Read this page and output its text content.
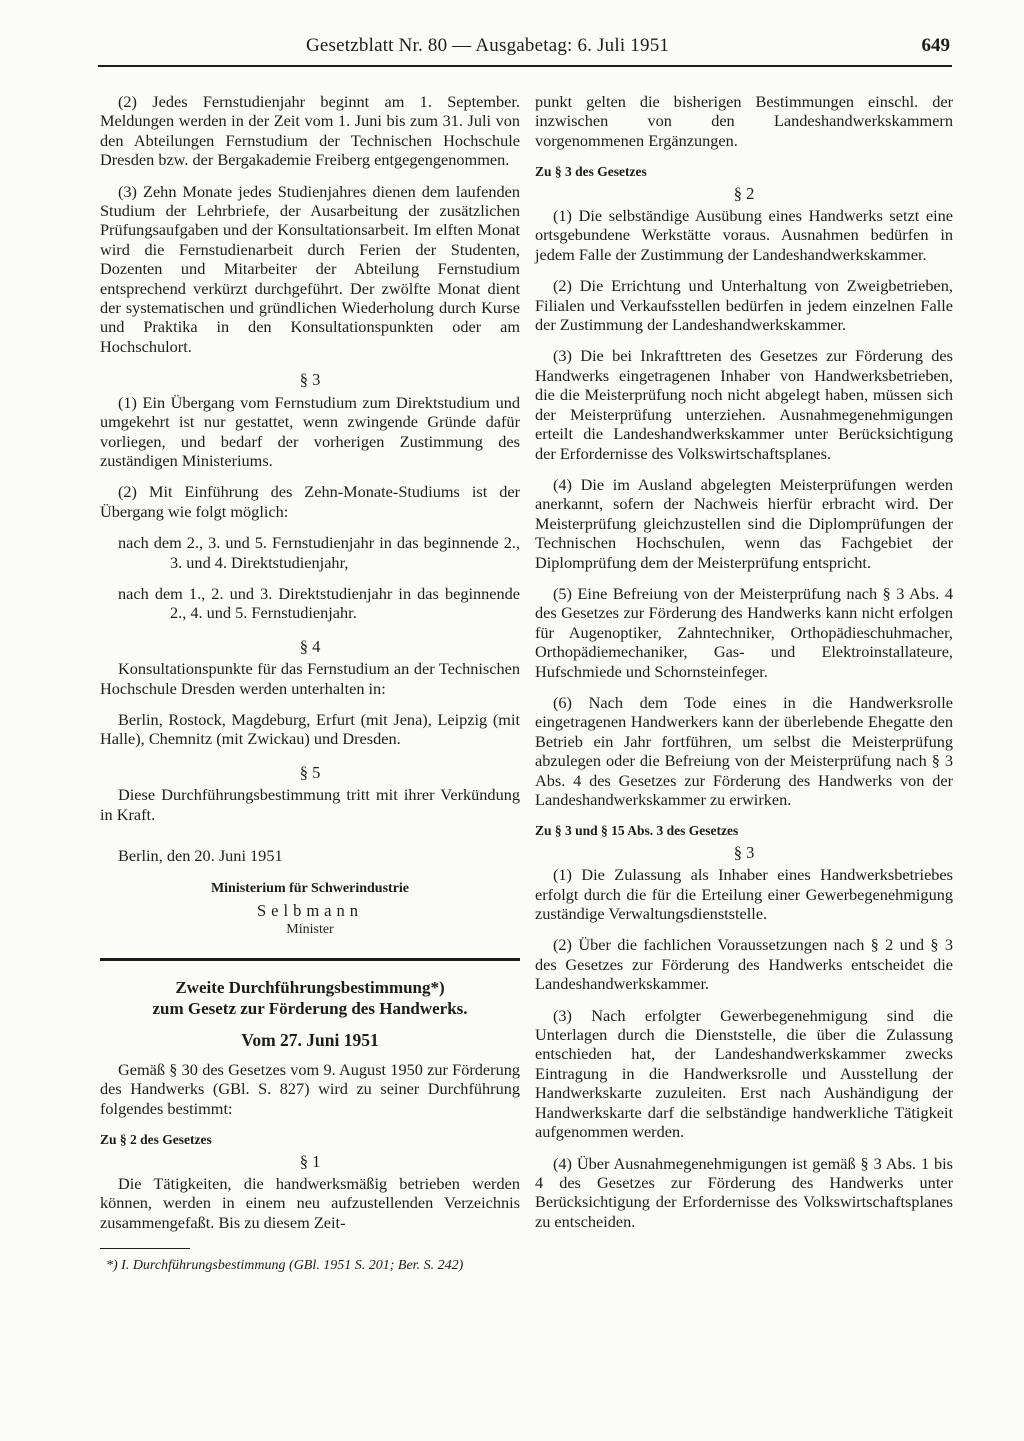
Gesetzblatt Nr. 80 — Ausgabetag: 6. Juli 1951	649

(2) Jedes Fernstudienjahr beginnt am 1. September. Meldungen werden in der Zeit vom 1. Juni bis zum 31. Juli von den Abteilungen Fernstudium der Technischen Hochschule Dresden bzw. der Bergakademie Freiberg entgegengenommen.

(3) Zehn Monate jedes Studienjahres dienen dem laufenden Studium der Lehrbriefe, der Ausarbeitung der zusätzlichen Prüfungsaufgaben und der Konsultationsarbeit. Im elften Monat wird die Fernstudienarbeit durch Ferien der Studenten, Dozenten und Mitarbeiter der Abteilung Fernstudium entsprechend verkürzt durchgeführt. Der zwölfte Monat dient der systematischen und gründlichen Wiederholung durch Kurse und Praktika in den Konsultationspunkten oder am Hochschulort.

§ 3

(1) Ein Übergang vom Fernstudium zum Direktstudium und umgekehrt ist nur gestattet, wenn zwingende Gründe dafür vorliegen, und bedarf der vorherigen Zustimmung des zuständigen Ministeriums.

(2) Mit Einführung des Zehn-Monate-Studiums ist der Übergang wie folgt möglich:

nach dem 2., 3. und 5. Fernstudienjahr in das beginnende 2., 3. und 4. Direktstudienjahr,

nach dem 1., 2. und 3. Direktstudienjahr in das beginnende 2., 4. und 5. Fernstudienjahr.

§ 4

Konsultationspunkte für das Fernstudium an der Technischen Hochschule Dresden werden unterhalten in:

Berlin, Rostock, Magdeburg, Erfurt (mit Jena), Leipzig (mit Halle), Chemnitz (mit Zwickau) und Dresden.

§ 5

Diese Durchführungsbestimmung tritt mit ihrer Verkündung in Kraft.

Berlin, den 20. Juni 1951
Ministerium für Schwerindustrie
Selbmann
Minister
Zweite Durchführungsbestimmung*)
zum Gesetz zur Förderung des Handwerks.
Vom 27. Juni 1951

Gemäß § 30 des Gesetzes vom 9. August 1950 zur Förderung des Handwerks (GBl. S. 827) wird zu seiner Durchführung folgendes bestimmt:

Zu § 2 des Gesetzes
§ 1

Die Tätigkeiten, die handwerksmäßig betrieben werden können, werden in einem neu aufzustellenden Verzeichnis zusammengefaßt. Bis zu diesem Zeit-

*) I. Durchführungsbestimmung (GBl. 1951 S. 201; Ber. S. 242)

punkt gelten die bisherigen Bestimmungen einschl. der inzwischen von den Landeshandwerkskammern vorgenommenen Ergänzungen.

Zu § 3 des Gesetzes
§ 2

(1) Die selbständige Ausübung eines Handwerks setzt eine ortsgebundene Werkstätte voraus. Ausnahmen bedürfen in jedem Falle der Zustimmung der Landeshandwerkskammer.

(2) Die Errichtung und Unterhaltung von Zweigbetrieben, Filialen und Verkaufsstellen bedürfen in jedem einzelnen Falle der Zustimmung der Landeshandwerkskammer.

(3) Die bei Inkrafttreten des Gesetzes zur Förderung des Handwerks eingetragenen Inhaber von Handwerksbetrieben, die die Meisterprüfung noch nicht abgelegt haben, müssen sich der Meisterprüfung unterziehen. Ausnahmegenehmigungen erteilt die Landeshandwerkskammer unter Berücksichtigung der Erfordernisse des Volkswirtschaftsplanes.

(4) Die im Ausland abgelegten Meisterprüfungen werden anerkannt, sofern der Nachweis hierfür erbracht wird. Der Meisterprüfung gleichzustellen sind die Diplomprüfungen der Technischen Hochschulen, wenn das Fachgebiet der Diplomprüfung dem der Meisterprüfung entspricht.

(5) Eine Befreiung von der Meisterprüfung nach § 3 Abs. 4 des Gesetzes zur Förderung des Handwerks kann nicht erfolgen für Augenoptiker, Zahntechniker, Orthopädieschuhmacher, Orthopädiemechaniker, Gas- und Elektroinstallateure, Hufschmiede und Schornsteinfeger.

(6) Nach dem Tode eines in die Handwerksrolle eingetragenen Handwerkers kann der überlebende Ehegatte den Betrieb ein Jahr fortführen, um selbst die Meisterprüfung abzulegen oder die Befreiung von der Meisterprüfung nach § 3 Abs. 4 des Gesetzes zur Förderung des Handwerks von der Landeshandwerkskammer zu erwirken.

Zu § 3 und § 15 Abs. 3 des Gesetzes
§ 3

(1) Die Zulassung als Inhaber eines Handwerksbetriebes erfolgt durch die für die Erteilung einer Gewerbegenehmigung zuständige Verwaltungsdienststelle.

(2) Über die fachlichen Voraussetzungen nach § 2 und § 3 des Gesetzes zur Förderung des Handwerks entscheidet die Landeshandwerkskammer.

(3) Nach erfolgter Gewerbegenehmigung sind die Unterlagen durch die Dienststelle, die über die Zulassung entschieden hat, der Landeshandwerkskammer zwecks Eintragung in die Handwerksrolle und Ausstellung der Handwerkskarte zuzuleiten. Erst nach Aushändigung der Handwerkskarte darf die selbständige handwerkliche Tätigkeit aufgenommen werden.

(4) Über Ausnahmegenehmigungen ist gemäß § 3 Abs. 1 bis 4 des Gesetzes zur Förderung des Handwerks unter Berücksichtigung der Erfordernisse des Volkswirtschaftsplanes zu entscheiden.
